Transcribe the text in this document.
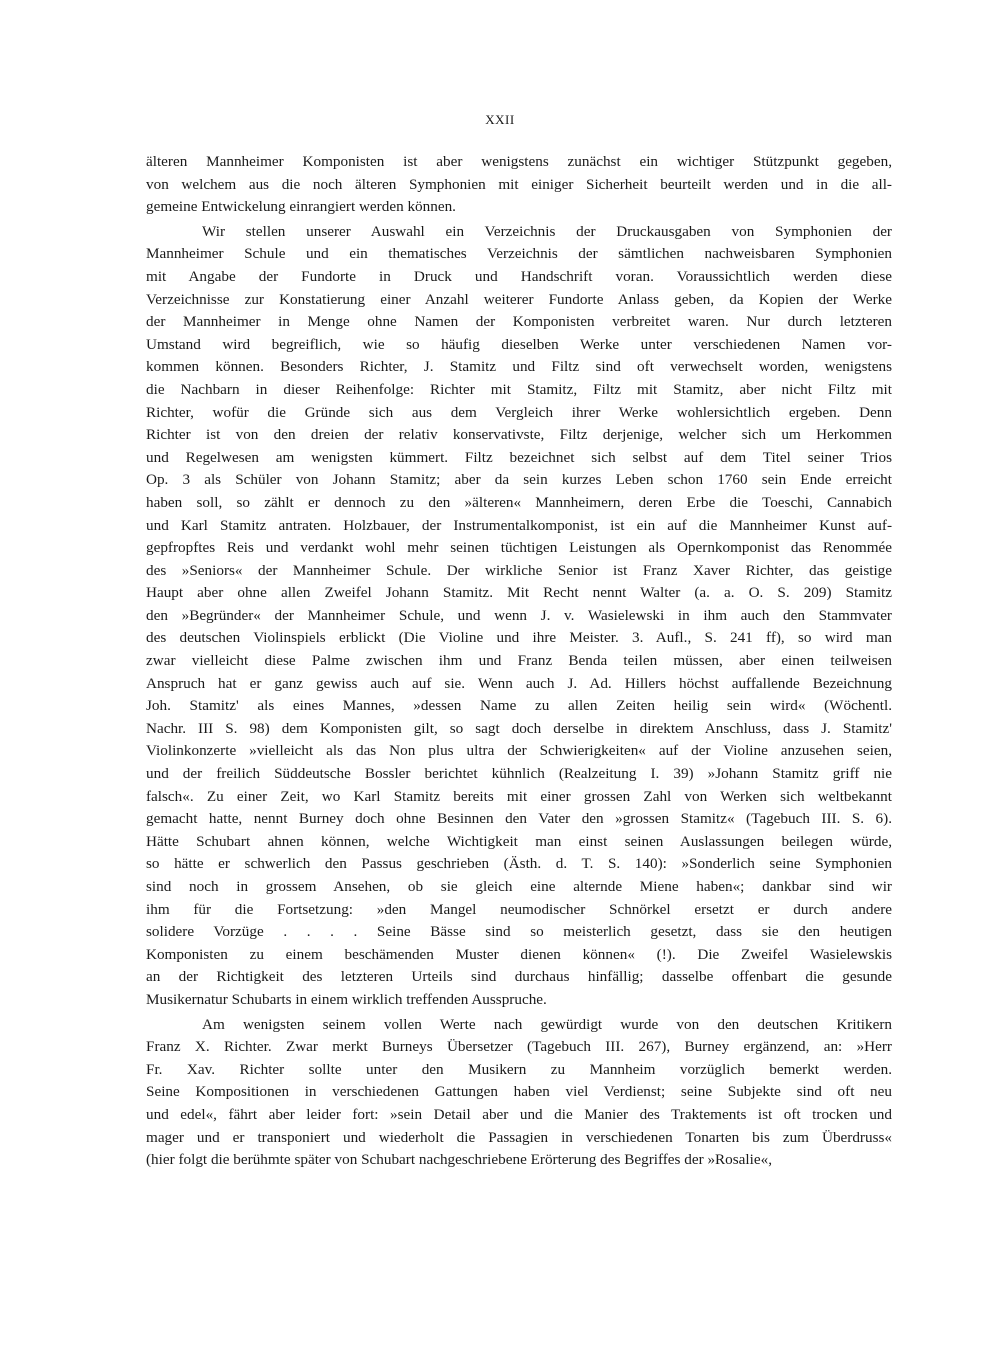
XXII
älteren Mannheimer Komponisten ist aber wenigstens zunächst ein wichtiger Stützpunkt gegeben,
von welchem aus die noch älteren Symphonien mit einiger Sicherheit beurteilt werden und in die all-
gemeine Entwickelung einrangiert werden können.
Wir stellen unserer Auswahl ein Verzeichnis der Druckausgaben von Symphonien der
Mannheimer Schule und ein thematisches Verzeichnis der sämtlichen nachweisbaren Symphonien
mit Angabe der Fundorte in Druck und Handschrift voran. Voraussichtlich werden diese
Verzeichnisse zur Konstatierung einer Anzahl weiterer Fundorte Anlass geben, da Kopien der Werke
der Mannheimer in Menge ohne Namen der Komponisten verbreitet waren. Nur durch letzteren
Umstand wird begreiflich, wie so häufig dieselben Werke unter verschiedenen Namen vor-
kommen können. Besonders Richter, J. Stamitz und Filtz sind oft verwechselt worden, wenigstens
die Nachbarn in dieser Reihenfolge: Richter mit Stamitz, Filtz mit Stamitz, aber nicht Filtz mit
Richter, wofür die Gründe sich aus dem Vergleich ihrer Werke wohlersichtlich ergeben. Denn
Richter ist von den dreien der relativ konservativste, Filtz derjenige, welcher sich um Herkommen
und Regelwesen am wenigsten kümmert. Filtz bezeichnet sich selbst auf dem Titel seiner Trios
Op. 3 als Schüler von Johann Stamitz; aber da sein kurzes Leben schon 1760 sein Ende erreicht
haben soll, so zählt er dennoch zu den »älteren« Mannheimern, deren Erbe die Toeschi, Cannabich
und Karl Stamitz antraten. Holzbauer, der Instrumentalkomponist, ist ein auf die Mannheimer Kunst auf-
gepfropftes Reis und verdankt wohl mehr seinen tüchtigen Leistungen als Opernkomponist das Renommée
des »Seniors« der Mannheimer Schule. Der wirkliche Senior ist Franz Xaver Richter, das geistige
Haupt aber ohne allen Zweifel Johann Stamitz. Mit Recht nennt Walter (a. a. O. S. 209) Stamitz
den »Begründer« der Mannheimer Schule, und wenn J. v. Wasielewski in ihm auch den Stammvater
des deutschen Violinspiels erblickt (Die Violine und ihre Meister. 3. Aufl., S. 241 ff), so wird man
zwar vielleicht diese Palme zwischen ihm und Franz Benda teilen müssen, aber einen teilweisen
Anspruch hat er ganz gewiss auch auf sie. Wenn auch J. Ad. Hillers höchst auffallende Bezeichnung
Joh. Stamitz' als eines Mannes, »dessen Name zu allen Zeiten heilig sein wird« (Wöchentl.
Nachr. III S. 98) dem Komponisten gilt, so sagt doch derselbe in direktem Anschluss, dass J. Stamitz'
Violinkonzerte »vielleicht als das Non plus ultra der Schwierigkeiten« auf der Violine anzusehen seien,
und der freilich Süddeutsche Bossler berichtet kühnlich (Realzeitung I. 39) »Johann Stamitz griff nie
falsch«. Zu einer Zeit, wo Karl Stamitz bereits mit einer grossen Zahl von Werken sich weltbekannt
gemacht hatte, nennt Burney doch ohne Besinnen den Vater den »grossen Stamitz« (Tagebuch III. S. 6).
Hätte Schubart ahnen können, welche Wichtigkeit man einst seinen Auslassungen beilegen würde,
so hätte er schwerlich den Passus geschrieben (Ästh. d. T. S. 140): »Sonderlich seine Symphonien
sind noch in grossem Ansehen, ob sie gleich eine alternde Miene haben«; dankbar sind wir
ihm für die Fortsetzung: »den Mangel neumodischer Schnörkel ersetzt er durch andere
solidere Vorzüge . . . . Seine Bässe sind so meisterlich gesetzt, dass sie den heutigen
Komponisten zu einem beschämenden Muster dienen können« (!). Die Zweifel Wasielewskis
an der Richtigkeit des letzteren Urteils sind durchaus hinfällig; dasselbe offenbart die gesunde
Musikernatur Schubarts in einem wirklich treffenden Ausspruche.
Am wenigsten seinem vollen Werte nach gewürdigt wurde von den deutschen Kritikern
Franz X. Richter. Zwar merkt Burneys Übersetzer (Tagebuch III. 267), Burney ergänzend, an: »Herr
Fr. Xav. Richter sollte unter den Musikern zu Mannheim vorzüglich bemerkt werden.
Seine Kompositionen in verschiedenen Gattungen haben viel Verdienst; seine Subjekte sind oft neu
und edel«, fährt aber leider fort: »sein Detail aber und die Manier des Traktements ist oft trocken und
mager und er transponiert und wiederholt die Passagien in verschiedenen Tonarten bis zum Überdruss«
(hier folgt die berühmte später von Schubart nachgeschriebene Erörterung des Begriffes der »Rosalie«,
